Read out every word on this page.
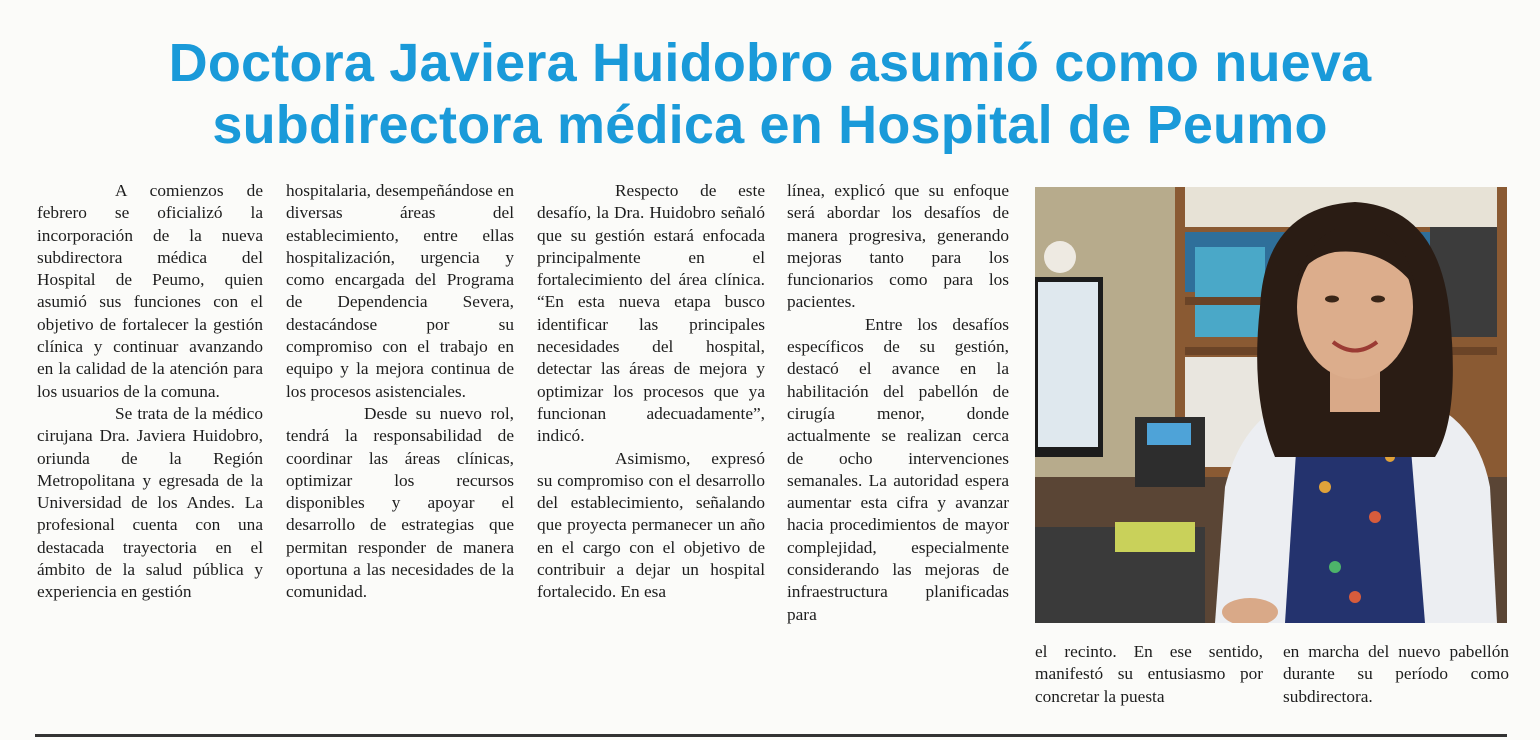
Doctora Javiera Huidobro asumió como nueva
subdirectora médica en Hospital de Peumo

A comienzos de febrero se oficializó la incorporación de la nueva subdirectora médica del Hospital de Peumo, quien asumió sus funciones con el objetivo de fortalecer la gestión clínica y continuar avanzando en la calidad de la atención para los usuarios de la comuna.

Se trata de la médico cirujana Dra. Javiera Huidobro, oriunda de la Región Metropolitana y egresada de la Universidad de los Andes. La profesional cuenta con una destacada trayectoria en el ámbito de la salud pública y experiencia en gestión

hospitalaria, desempeñándose en diversas áreas del establecimiento, entre ellas hospitalización, urgencia y como encargada del Programa de Dependencia Severa, destacándose por su compromiso con el trabajo en equipo y la mejora continua de los procesos asistenciales.

Desde su nuevo rol, tendrá la responsabilidad de coordinar las áreas clínicas, optimizar los recursos disponibles y apoyar el desarrollo de estrategias que permitan responder de manera oportuna a las necesidades de la comunidad.

Respecto de este desafío, la Dra. Huidobro señaló que su gestión estará enfocada principalmente en el fortalecimiento del área clínica. “En esta nueva etapa busco identificar las principales necesidades del hospital, detectar las áreas de mejora y optimizar los procesos que ya funcionan adecuadamente”, indicó.

Asimismo, expresó su compromiso con el desarrollo del establecimiento, señalando que proyecta permanecer un año en el cargo con el objetivo de contribuir a dejar un hospital fortalecido. En esa

línea, explicó que su enfoque será abordar los desafíos de manera progresiva, generando mejoras tanto para los funcionarios como para los pacientes.

Entre los desafíos específicos de su gestión, destacó el avance en la habilitación del pabellón de cirugía menor, donde actualmente se realizan cerca de ocho intervenciones semanales. La autoridad espera aumentar esta cifra y avanzar hacia procedimientos de mayor complejidad, especialmente considerando las mejoras de infraestructura planificadas para

el recinto. En ese sentido, manifestó su entusiasmo por concretar la puesta

en marcha del nuevo pabellón durante su período como subdirectora.
